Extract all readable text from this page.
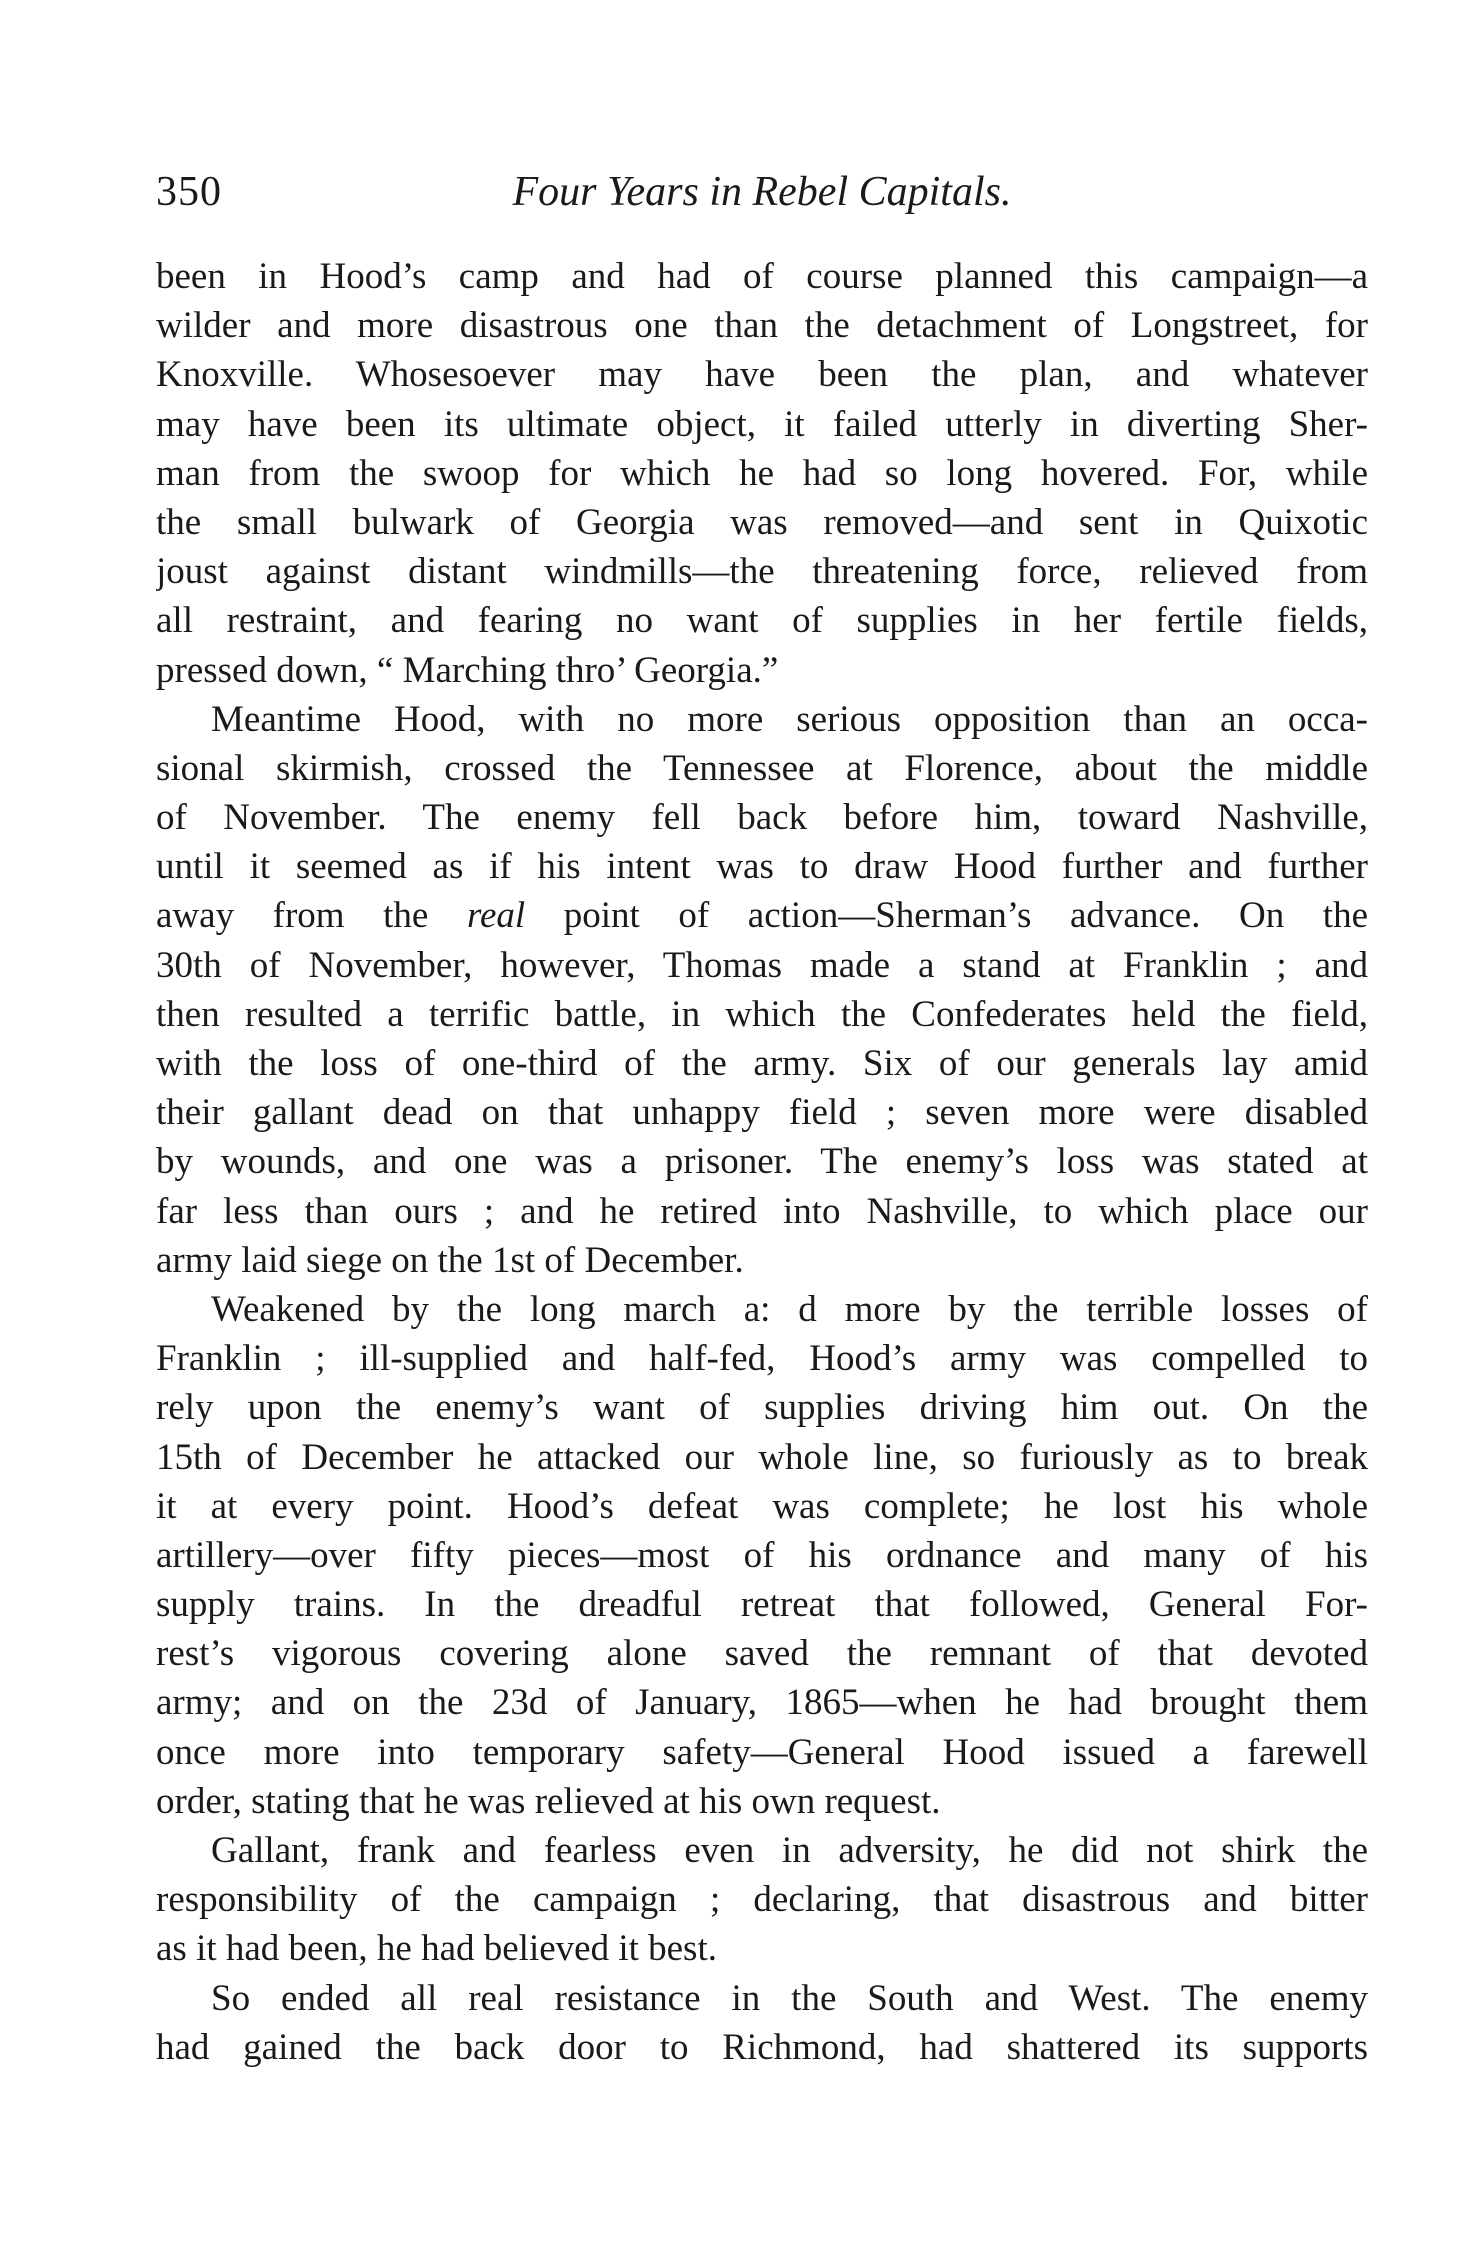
350	Four Years in Rebel Capitals.
been in Hood’s camp and had of course planned this campaign—a
wilder and more disastrous one than the detachment of Longstreet, for
Knoxville. Whosesoever may have been the plan, and whatever
may have been its ultimate object, it failed utterly in diverting Sher-
man from the swoop for which he had so long hovered. For, while
the small bulwark of Georgia was removed—and sent in Quixotic
joust against distant windmills—the threatening force, relieved from
all restraint, and fearing no want of supplies in her fertile fields,
pressed down, “ Marching thro’ Georgia.”
Meantime Hood, with no more serious opposition than an occa-
sional skirmish, crossed the Tennessee at Florence, about the middle
of November. The enemy fell back before him, toward Nashville,
until it seemed as if his intent was to draw Hood further and further
away from the real point of action—Sherman’s advance. On the
30th of November, however, Thomas made a stand at Franklin ; and
then resulted a terrific battle, in which the Confederates held the field,
with the loss of one-third of the army. Six of our generals lay amid
their gallant dead on that unhappy field ; seven more were disabled
by wounds, and one was a prisoner. The enemy’s loss was stated at
far less than ours ; and he retired into Nashville, to which place our
army laid siege on the 1st of December.
Weakened by the long march a: d more by the terrible losses of
Franklin ; ill-supplied and half-fed, Hood’s army was compelled to
rely upon the enemy’s want of supplies driving him out. On the
15th of December he attacked our whole line, so furiously as to break
it at every point. Hood’s defeat was complete; he lost his whole
artillery—over fifty pieces—most of his ordnance and many of his
supply trains. In the dreadful retreat that followed, General For-
rest’s vigorous covering alone saved the remnant of that devoted
army; and on the 23d of January, 1865—when he had brought them
once more into temporary safety—General Hood issued a farewell
order, stating that he was relieved at his own request.
Gallant, frank and fearless even in adversity, he did not shirk the
responsibility of the campaign ; declaring, that disastrous and bitter
as it had been, he had believed it best.
So ended all real resistance in the South and West. The enemy
had gained the back door to Richmond, had shattered its supports
